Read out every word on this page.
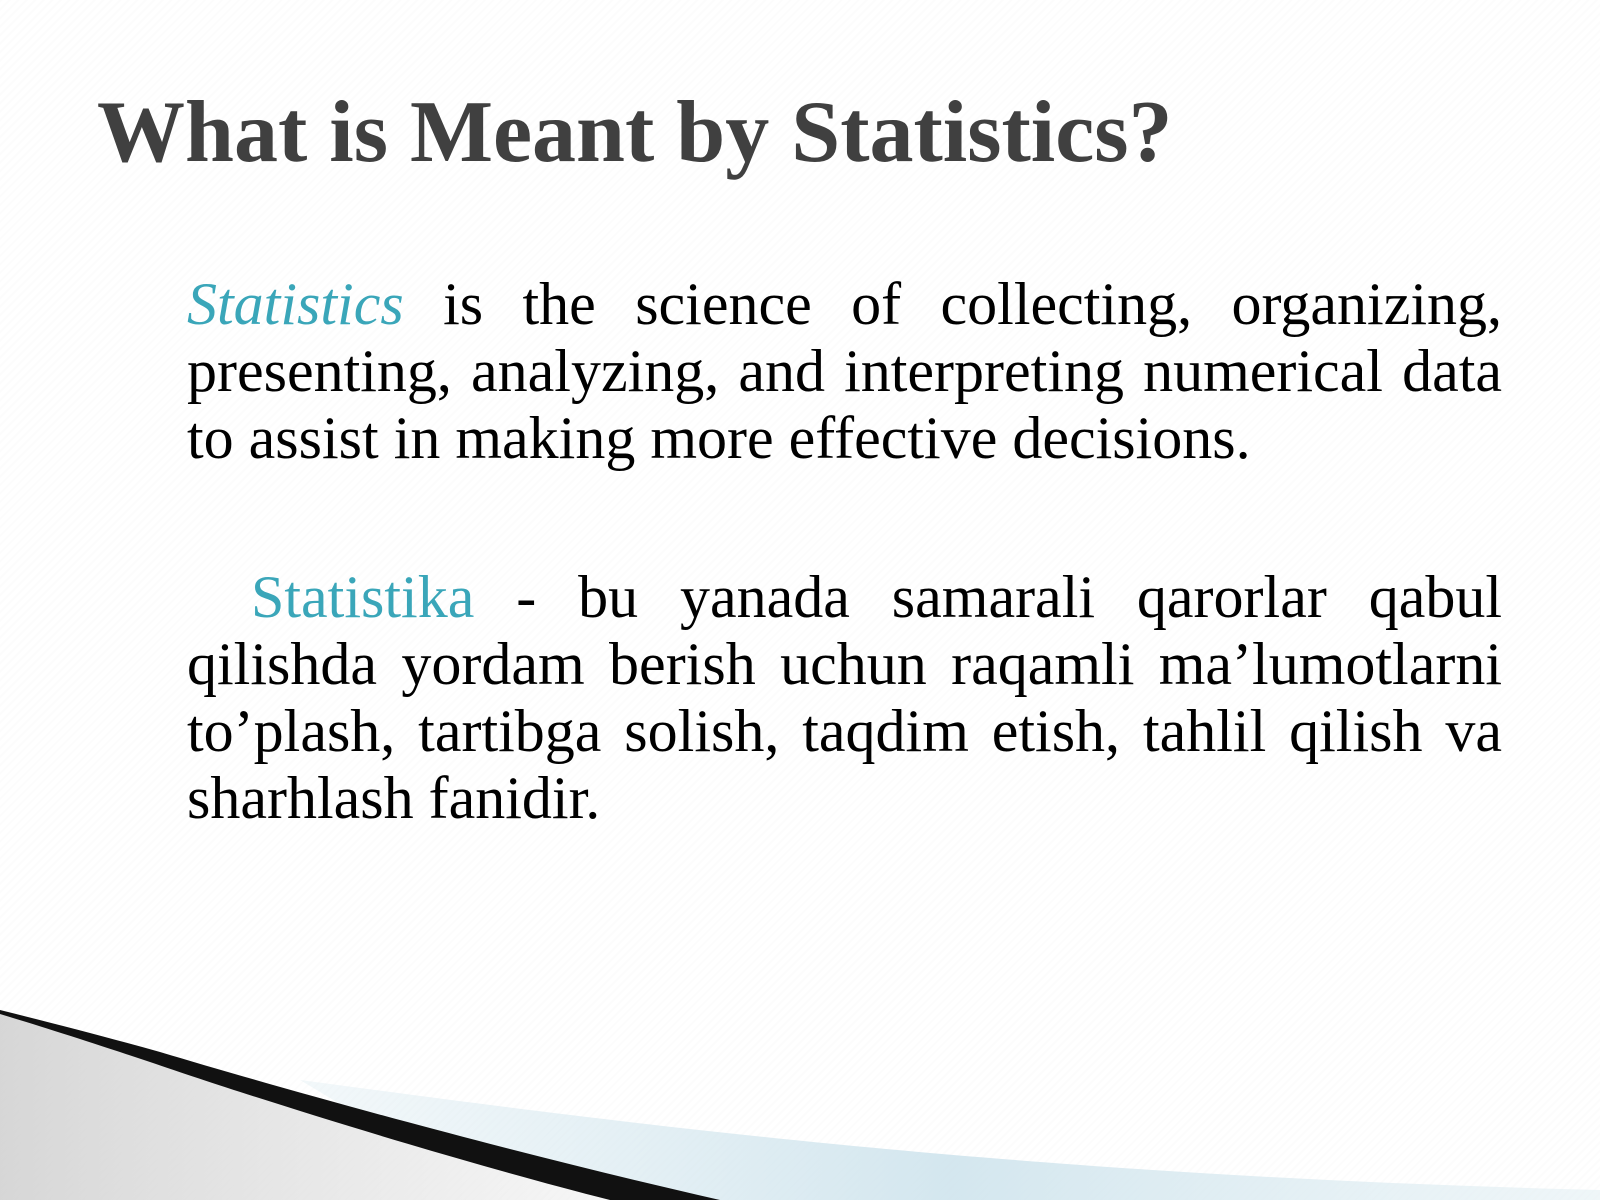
What is Meant by Statistics?

Statistics is the science of collecting, organizing, presenting, analyzing, and interpreting numerical data to assist in making more effective decisions.

Statistika - bu yanada samarali qarorlar qabul qilishda yordam berish uchun raqamli ma’lumotlarni to’plash, tartibga solish, taqdim etish, tahlil qilish va sharhlash fanidir.
